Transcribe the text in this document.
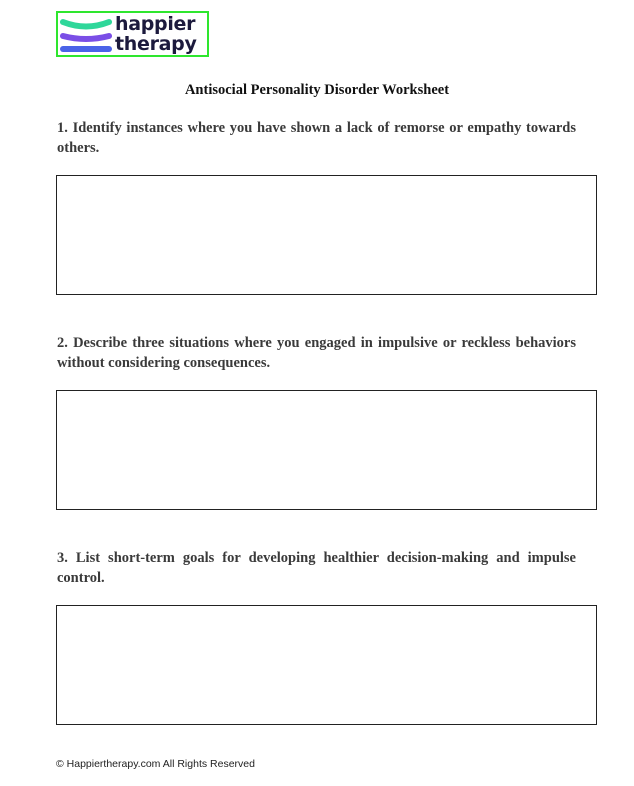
happier
therapy
Antisocial Personality Disorder Worksheet
1. Identify instances where you have shown a lack of remorse or empathy towards others.
2. Describe three situations where you engaged in impulsive or reckless behaviors without considering consequences.
3. List short-term goals for developing healthier decision-making and impulse control.
© Happiertherapy.com All Rights Reserved
